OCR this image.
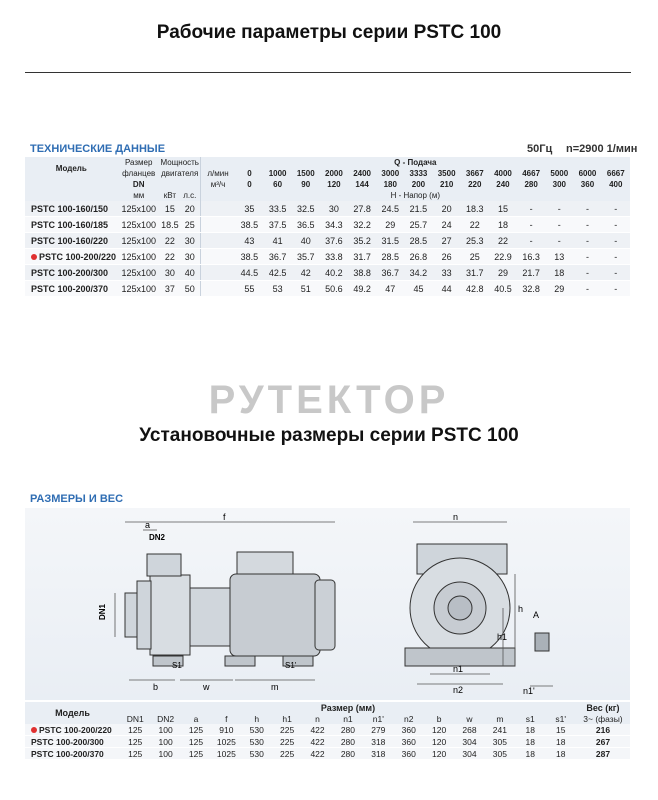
Рабочие параметры серии PSTC 100
ТЕХНИЧЕСКИЕ ДАННЫЕ	50Гц n=2900 1/мин
Модель	Размер	Мощность		Q - Подача														
	фланцев	двигателя		л/мин	0	1000	1500	2000	2400	3000	3333	3500	3667	4000	4667	5000	6000	6667
	DN			м³/ч	0	60	90	120	144	180	200	210	220	240	280	300	360	400
	мм	кВт	л.с.	H - Напор (м)														
PSTC 100-160/150	125x100	15	20		35	33.5	32.5	30	27.8	24.5	21.5	20	18.3	15	-	-	-	-
PSTC 100-160/185	125x100	18.5	25		38.5	37.5	36.5	34.3	32.2	29	25.7	24	22	18	-	-	-	-
PSTC 100-160/220	125x100	22	30		43	41	40	37.6	35.2	31.5	28.5	27	25.3	22	-	-	-	-
PSTC 100-200/220	125x100	22	30		38.5	36.7	35.7	33.8	31.7	28.5	26.8	26	25	22.9	16.3	13	-	-
PSTC 100-200/300	125x100	30	40		44.5	42.5	42	40.2	38.8	36.7	34.2	33	31.7	29	21.7	18	-	-
PSTC 100-200/370	125x100	37	50		55	53	51	50.6	49.2	47	45	44	42.8	40.5	32.8	29	-	-
РУТЕКТОР
Установочные размеры серии PSTC 100
РАЗМЕРЫ И ВЕС
f
a
DN2
DN1
S1	S1'
b	w	m
n
h
h1
n1
n2	n1'
A
Модель	Размер (мм)															Вес (кг)
	DN1	DN2	a	f	h	h1	n	n1	n1'	n2	b	w	m	s1	s1'	3~ (фазы)
PSTC 100-200/220	125	100	125	910	530	225	422	280	279	360	120	268	241	18	15	216
PSTC 100-200/300	125	100	125	1025	530	225	422	280	318	360	120	304	305	18	18	267
PSTC 100-200/370	125	100	125	1025	530	225	422	280	318	360	120	304	305	18	18	287
